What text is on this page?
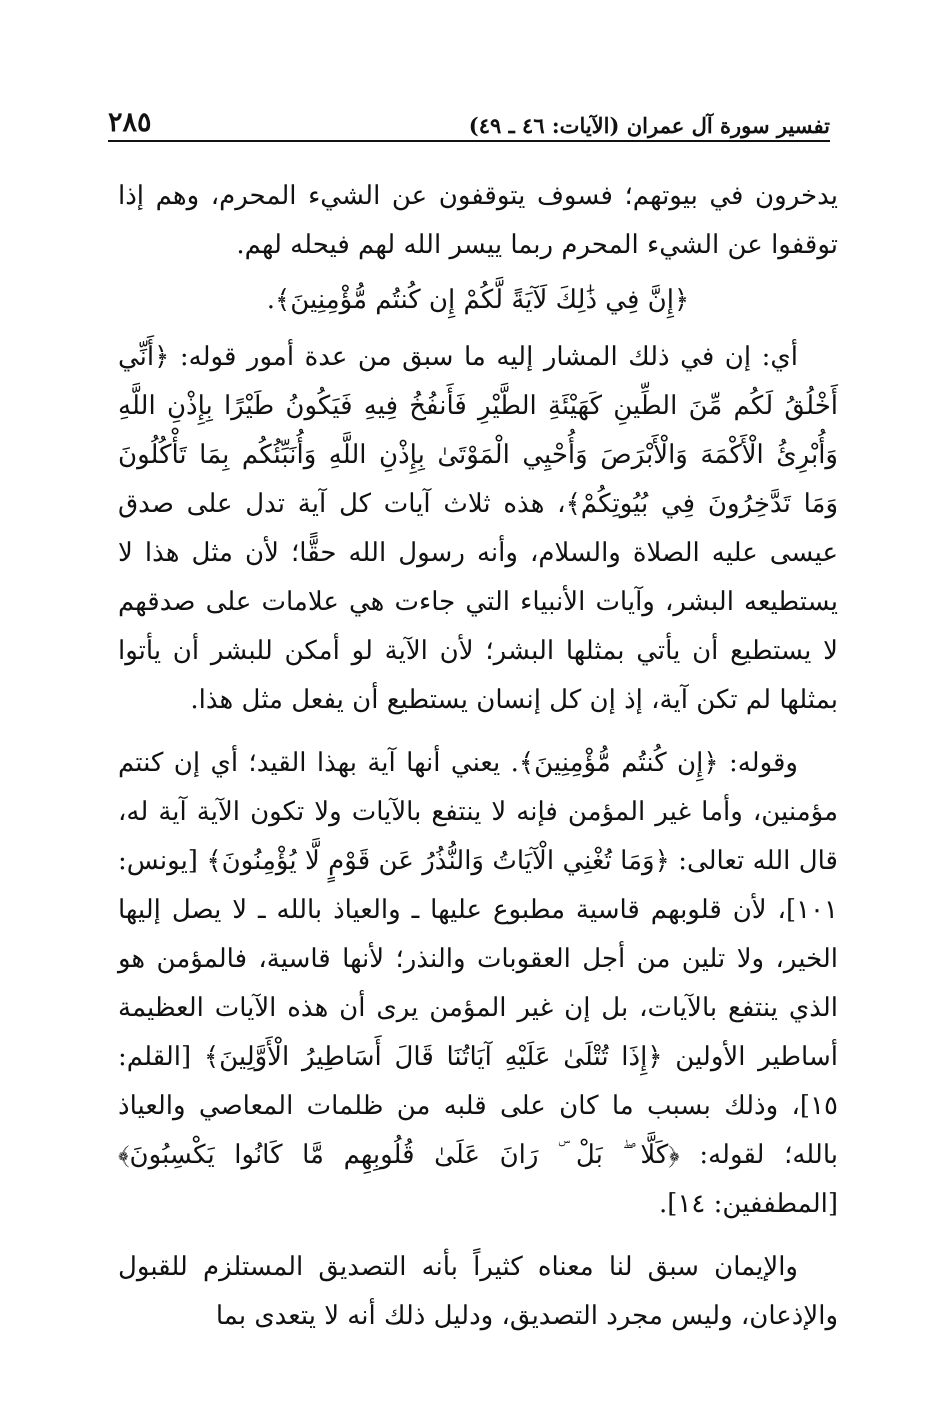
تفسير سورة آل عمران (الآيات: ٤٦ ـ ٤٩)
٢٨٥

يدخرون في بيوتهم؛ فسوف يتوقفون عن الشيء المحرم، وهم إذا توقفوا عن الشيء المحرم ربما ييسر الله لهم فيحله لهم.

﴿إِنَّ فِي ذَٰلِكَ لَآيَةً لَّكُمْ إِن كُنتُم مُّؤْمِنِينَ﴾.

أي: إن في ذلك المشار إليه ما سبق من عدة أمور قوله: ﴿أَنِّي أَخْلُقُ لَكُم مِّنَ الطِّينِ كَهَيْئَةِ الطَّيْرِ فَأَنفُخُ فِيهِ فَيَكُونُ طَيْرًا بِإِذْنِ اللَّهِ وَأُبْرِئُ الْأَكْمَهَ وَالْأَبْرَصَ وَأُحْيِي الْمَوْتَىٰ بِإِذْنِ اللَّهِ وَأُنَبِّئُكُم بِمَا تَأْكُلُونَ وَمَا تَدَّخِرُونَ فِي بُيُوتِكُمْ﴾، هذه ثلاث آيات كل آية تدل على صدق عيسى عليه الصلاة والسلام، وأنه رسول الله حقًّا؛ لأن مثل هذا لا يستطيعه البشر، وآيات الأنبياء التي جاءت هي علامات على صدقهم لا يستطيع أن يأتي بمثلها البشر؛ لأن الآية لو أمكن للبشر أن يأتوا بمثلها لم تكن آية، إذ إن كل إنسان يستطيع أن يفعل مثل هذا.

وقوله: ﴿إِن كُنتُم مُّؤْمِنِينَ﴾. يعني أنها آية بهذا القيد؛ أي إن كنتم مؤمنين، وأما غير المؤمن فإنه لا ينتفع بالآيات ولا تكون الآية آية له، قال الله تعالى: ﴿وَمَا تُغْنِي الْآيَاتُ وَالنُّذُرُ عَن قَوْمٍ لَّا يُؤْمِنُونَ﴾ [يونس: ١٠١]، لأن قلوبهم قاسية مطبوع عليها ـ والعياذ بالله ـ لا يصل إليها الخير، ولا تلين من أجل العقوبات والنذر؛ لأنها قاسية، فالمؤمن هو الذي ينتفع بالآيات، بل إن غير المؤمن يرى أن هذه الآيات العظيمة أساطير الأولين ﴿إِذَا تُتْلَىٰ عَلَيْهِ آيَاتُنَا قَالَ أَسَاطِيرُ الْأَوَّلِينَ﴾ [القلم: ١٥]، وذلك بسبب ما كان على قلبه من ظلمات المعاصي والعياذ بالله؛ لقوله: ﴿كَلَّا ۖ بَلْ ۜ رَانَ عَلَىٰ قُلُوبِهِم مَّا كَانُوا يَكْسِبُونَ﴾ [المطففين: ١٤].

والإيمان سبق لنا معناه كثيراً بأنه التصديق المستلزم للقبول والإذعان، وليس مجرد التصديق، ودليل ذلك أنه لا يتعدى بما
